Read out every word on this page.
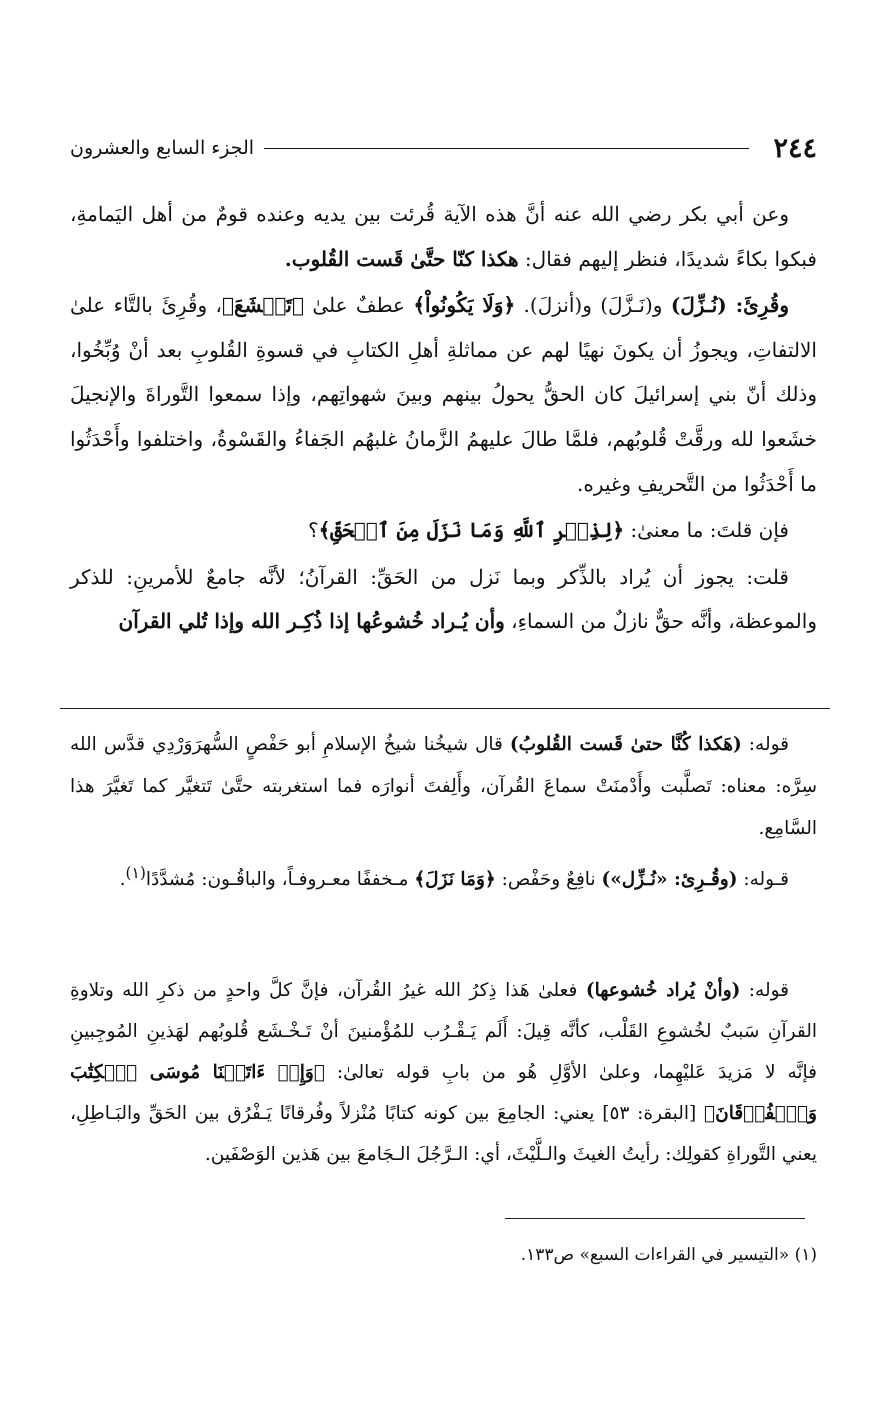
٢٤٤
الجزء السابع والعشرون

وعن أبي بكر رضي الله عنه أنَّ هذه الآية قُرئت بين يديه وعنده قومٌ من أهل اليَمامةِ، فبكوا بكاءً شديدًا، فنظر إليهم فقال: هكذا كنّا حتَّىٰ قَست القُلوب.

وقُرِئَ: (نُـزِّلَ) و(نَـزَّلَ) و(أنزلَ). ﴿وَلَا يَكُونُواْ﴾ عطفٌ علىٰ ﴿تَخۡشَعَ﴾، وقُرِئَ بالتَّاء علىٰ الالتفاتِ، ويجوزُ أن يكونَ نهيًا لهم عن مماثلةِ أهلِ الكتابِ في قسوةِ القُلوبِ بعد أنْ وُبِّخُوا، وذلك أنّ بني إسرائيلَ كان الحقُّ يحولُ بينهم وبينَ شهواتِهم، وإذا سمعوا التَّوراةَ والإنجيلَ خشَعوا لله ورقَّتْ قُلوبُهم، فلمَّا طالَ عليهمُ الزَّمانُ غلبهُم الجَفاءُ والقَسْوةُ، واختلفوا وأَحْدَثُوا ما أَحْدَثُوا من التَّحريفِ وغيره.

فإن قلتَ: ما معنىٰ: ﴿لِذِكۡرِ ٱللَّهِ وَمَا نَزَلَ مِنَ ٱلۡحَقِّ﴾؟

قلت: يجوز أن يُراد بالذِّكر وبما نَزل من الحَقِّ: القرآنُ؛ لأنَّه جامعٌ للأمرينِ: للذكر والموعظة، وأنَّه حقٌّ نازلٌ من السماءِ، وأن يُـراد خُشوعُها إذا ذُكِـر الله وإذا تُلي القرآن

قوله: (هَكذا كُنَّا حتىٰ قَست القُلوبُ) قال شيخُنا شيخُ الإسلامِ أبو حَفْصٍ السُّهرَوَرْدِي قدَّس الله سِرَّه: معناه: تَصلَّبت وأَدْمنَتْ سماعَ القُرآن، وأَلِفتَ أنوارَه فما استغربته حتَّىٰ تَتغيَّر كما تَغيَّرَ هذا السَّامِع.

قـوله: (وقُـرِئ: «نُـزِّل») نافِعٌ وحَفْص: ﴿وَمَا نَزَلَ﴾ مـخففًا معـروفـاً، والباقُـون: مُشدَّدًا$^{(١)}$.

قوله: (وأنْ يُراد خُشوعها) فعلىٰ هَذا ذِكرُ الله غيرُ القُرآن، فإنَّ كلَّ واحدٍ من ذكرِ الله وتلاوةِ القرآنِ سَببٌ لخُشوعِ القَلْب، كأنَّه قِيلَ: أَلَم يَـقْـرُب للمُؤْمنينَ أنْ تَـخْـشَع قُلوبُهم لهَذينِ المُوجِبينِ فإنَّه لا مَزيدَ عَليْهِما، وعلىٰ الأوَّلِ هُو من بابِ قوله تعالىٰ: ﴿وَإِذۡ ءَاتَيۡنَا مُوسَى ٱلۡكِتَٰبَ وَٱلۡفُرۡقَانَ﴾ [البقرة: ٥٣] يعني: الجامِعَ بين كونه كتابًا مُنْزلاً وفُرقانًا يَـفْرُق بين الحَقِّ والبَـاطِلِ، يعني التَّوراةِ كقولِك: رأيتُ الغيثَ والـلَّيْثَ، أي: الـرَّجُلَ الـجَامعَ بين هَذين الوَصْفَين.

(١) «التيسير في القراءات السبع» ص١٣٣.
